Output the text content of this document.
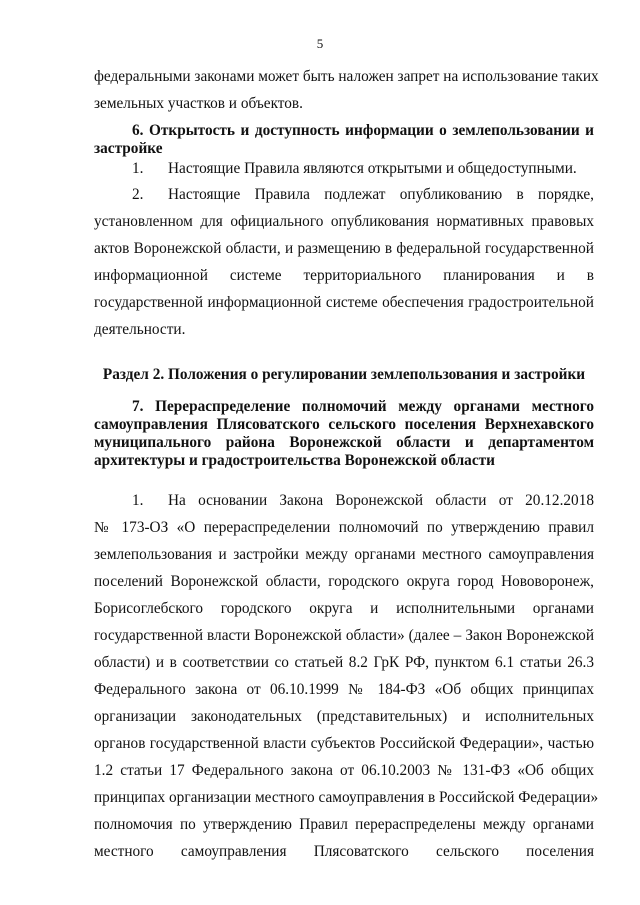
5
федеральными законами может быть наложен запрет на использование таких
земельных участков и объектов.
6. Открытость и доступность информации о землепользовании и
застройке
1. Настоящие Правила являются открытыми и общедоступными.
2. Настоящие Правила подлежат опубликованию в порядке,
установленном для официального опубликования нормативных правовых
актов Воронежской области, и размещению в федеральной государственной
информационной системе территориального планирования и в
государственной информационной системе обеспечения градостроительной
деятельности.
Раздел 2. Положения о регулировании землепользования и застройки
7. Перераспределение полномочий между органами местного
самоуправления Плясоватского сельского поселения Верхнехавского
муниципального района Воронежской области и департаментом
архитектуры и градостроительства Воронежской области
1. На основании Закона Воронежской области от 20.12.2018
№ 173-ОЗ «О перераспределении полномочий по утверждению правил
землепользования и застройки между органами местного самоуправления
поселений Воронежской области, городского округа город Нововоронеж,
Борисоглебского городского округа и исполнительными органами
государственной власти Воронежской области» (далее – Закон Воронежской
области) и в соответствии со статьей 8.2 ГрК РФ, пунктом 6.1 статьи 26.3
Федерального закона от 06.10.1999 № 184-ФЗ «Об общих принципах
организации законодательных (представительных) и исполнительных
органов государственной власти субъектов Российской Федерации», частью
1.2 статьи 17 Федерального закона от 06.10.2003 № 131-ФЗ «Об общих
принципах организации местного самоуправления в Российской Федерации»
полномочия по утверждению Правил перераспределены между органами
местного самоуправления Плясоватского сельского поселения
